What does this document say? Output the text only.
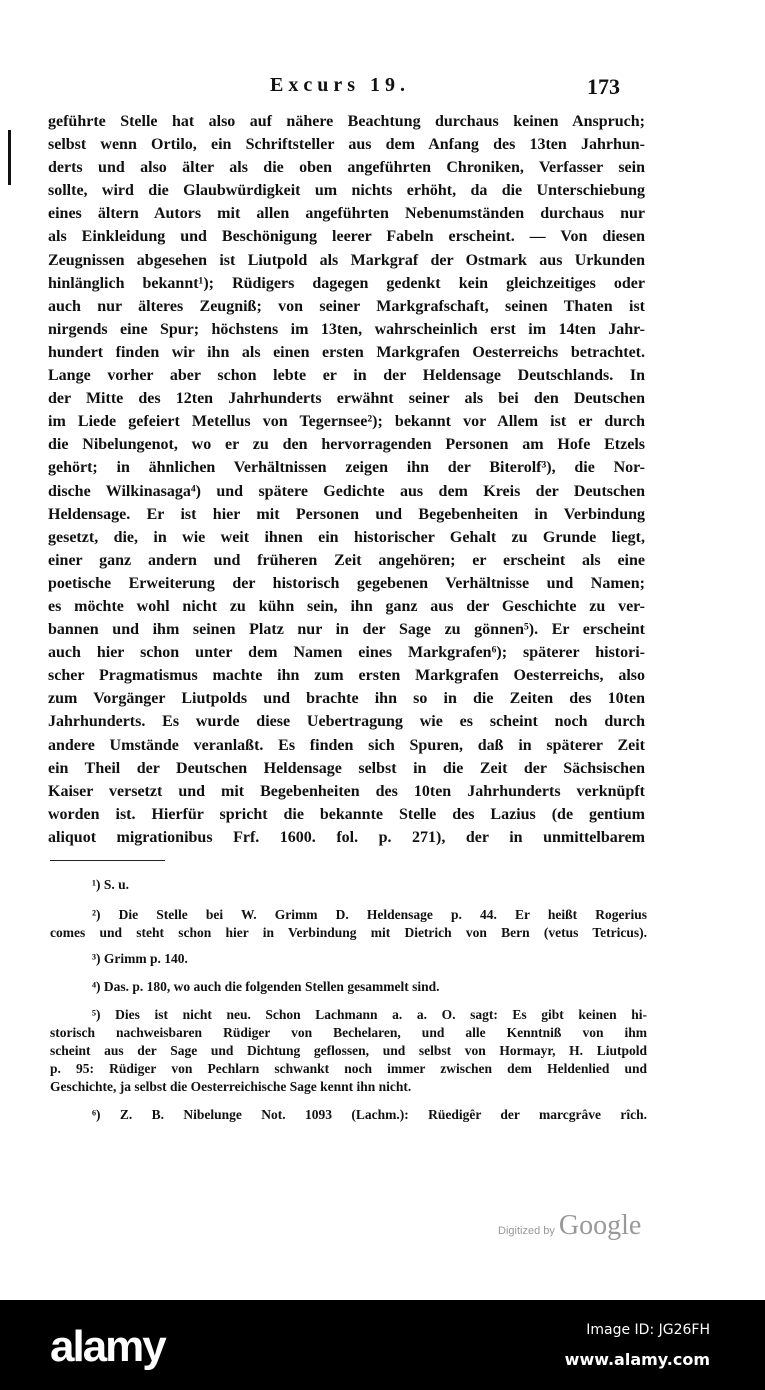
Excurs 19.	173
geführte Stelle hat also auf nähere Beachtung durchaus keinen Anspruch;
selbst wenn Ortilo, ein Schriftsteller aus dem Anfang des 13ten Jahrhun-
derts und also älter als die oben angeführten Chroniken, Verfasser sein
sollte, wird die Glaubwürdigkeit um nichts erhöht, da die Unterschiebung
eines ältern Autors mit allen angeführten Nebenumständen durchaus nur
als Einkleidung und Beschönigung leerer Fabeln erscheint. — Von diesen
Zeugnissen abgesehen ist Liutpold als Markgraf der Ostmark aus Urkunden
hinlänglich bekannt¹); Rüdigers dagegen gedenkt kein gleichzeitiges oder
auch nur älteres Zeugniß; von seiner Markgrafschaft, seinen Thaten ist
nirgends eine Spur; höchstens im 13ten, wahrscheinlich erst im 14ten Jahr-
hundert finden wir ihn als einen ersten Markgrafen Oesterreichs betrachtet.
Lange vorher aber schon lebte er in der Heldensage Deutschlands. In
der Mitte des 12ten Jahrhunderts erwähnt seiner als bei den Deutschen
im Liede gefeiert Metellus von Tegernsee²); bekannt vor Allem ist er durch
die Nibelungenot, wo er zu den hervorragenden Personen am Hofe Etzels
gehört; in ähnlichen Verhältnissen zeigen ihn der Biterolf³), die Nor-
dische Wilkinasaga⁴) und spätere Gedichte aus dem Kreis der Deutschen
Heldensage. Er ist hier mit Personen und Begebenheiten in Verbindung
gesetzt, die, in wie weit ihnen ein historischer Gehalt zu Grunde liegt,
einer ganz andern und früheren Zeit angehören; er erscheint als eine
poetische Erweiterung der historisch gegebenen Verhältnisse und Namen;
es möchte wohl nicht zu kühn sein, ihn ganz aus der Geschichte zu ver-
bannen und ihm seinen Platz nur in der Sage zu gönnen⁵). Er erscheint
auch hier schon unter dem Namen eines Markgrafen⁶); späterer histori-
scher Pragmatismus machte ihn zum ersten Markgrafen Oesterreichs, also
zum Vorgänger Liutpolds und brachte ihn so in die Zeiten des 10ten
Jahrhunderts. Es wurde diese Uebertragung wie es scheint noch durch
andere Umstände veranlaßt. Es finden sich Spuren, daß in späterer Zeit
ein Theil der Deutschen Heldensage selbst in die Zeit der Sächsischen
Kaiser versetzt und mit Begebenheiten des 10ten Jahrhunderts verknüpft
worden ist. Hierfür spricht die bekannte Stelle des Lazius (de gentium
aliquot migrationibus Frf. 1600. fol. p. 271), der in unmittelbarem
¹) S. u.
²) Die Stelle bei W. Grimm D. Heldensage p. 44. Er heißt Rogerius
comes und steht schon hier in Verbindung mit Dietrich von Bern (vetus Tetricus).
³) Grimm p. 140.
⁴) Das. p. 180, wo auch die folgenden Stellen gesammelt sind.
⁵) Dies ist nicht neu. Schon Lachmann a. a. O. sagt: Es gibt keinen hi-
storisch nachweisbaren Rüdiger von Bechelaren, und alle Kenntniß von ihm
scheint aus der Sage und Dichtung geflossen, und selbst von Hormayr, H. Liutpold
p. 95: Rüdiger von Pechlarn schwankt noch immer zwischen dem Heldenlied und
Geschichte, ja selbst die Oesterreichische Sage kennt ihn nicht.
⁶) Z. B. Nibelunge Not. 1093 (Lachm.): Rüedigêr der marcgrâve rîch.
Digitized by Google
alamy	Image ID: JG26FH
www.alamy.com
